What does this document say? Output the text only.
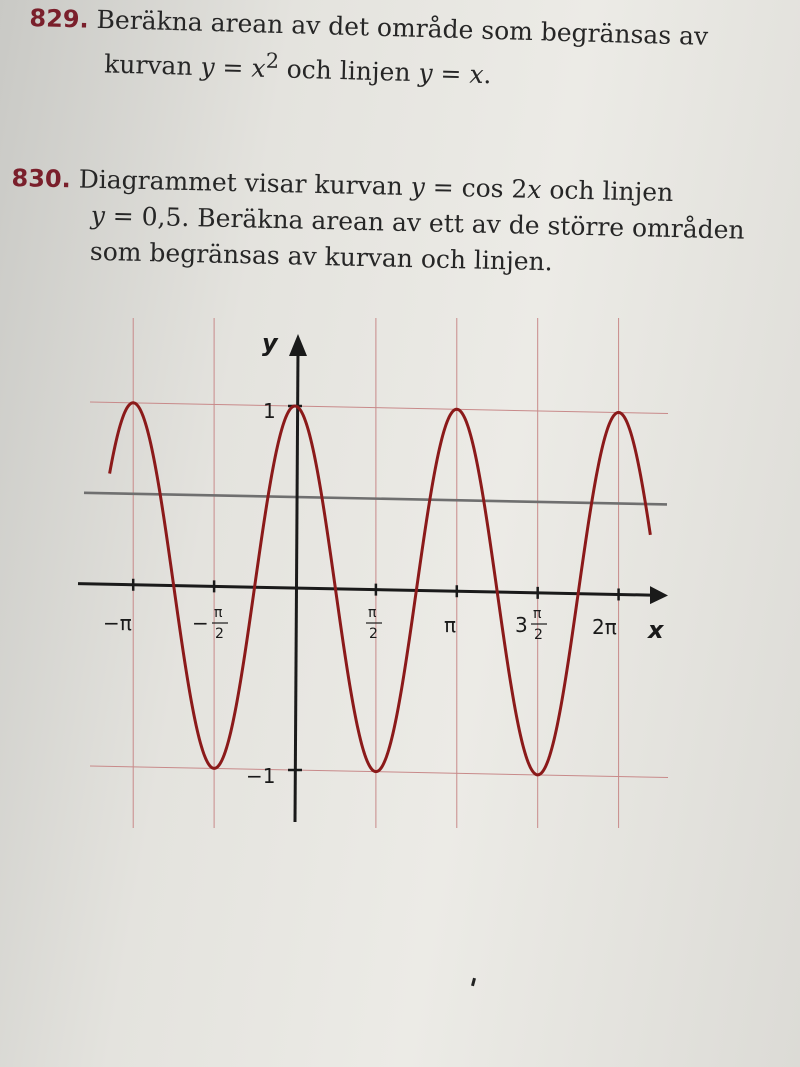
829. Beräkna arean av det område som begränsas av
kurvan $y = x^2$ och linjen y = x.
830. Diagrammet visar kurvan y = cos 2x och linjen
y = 0,5. Beräkna arean av ett av de större områden
som begränsas av kurvan och linjen.
−π	− π
2
π
2	π	3 π
2 2π
1
−1
y
x
